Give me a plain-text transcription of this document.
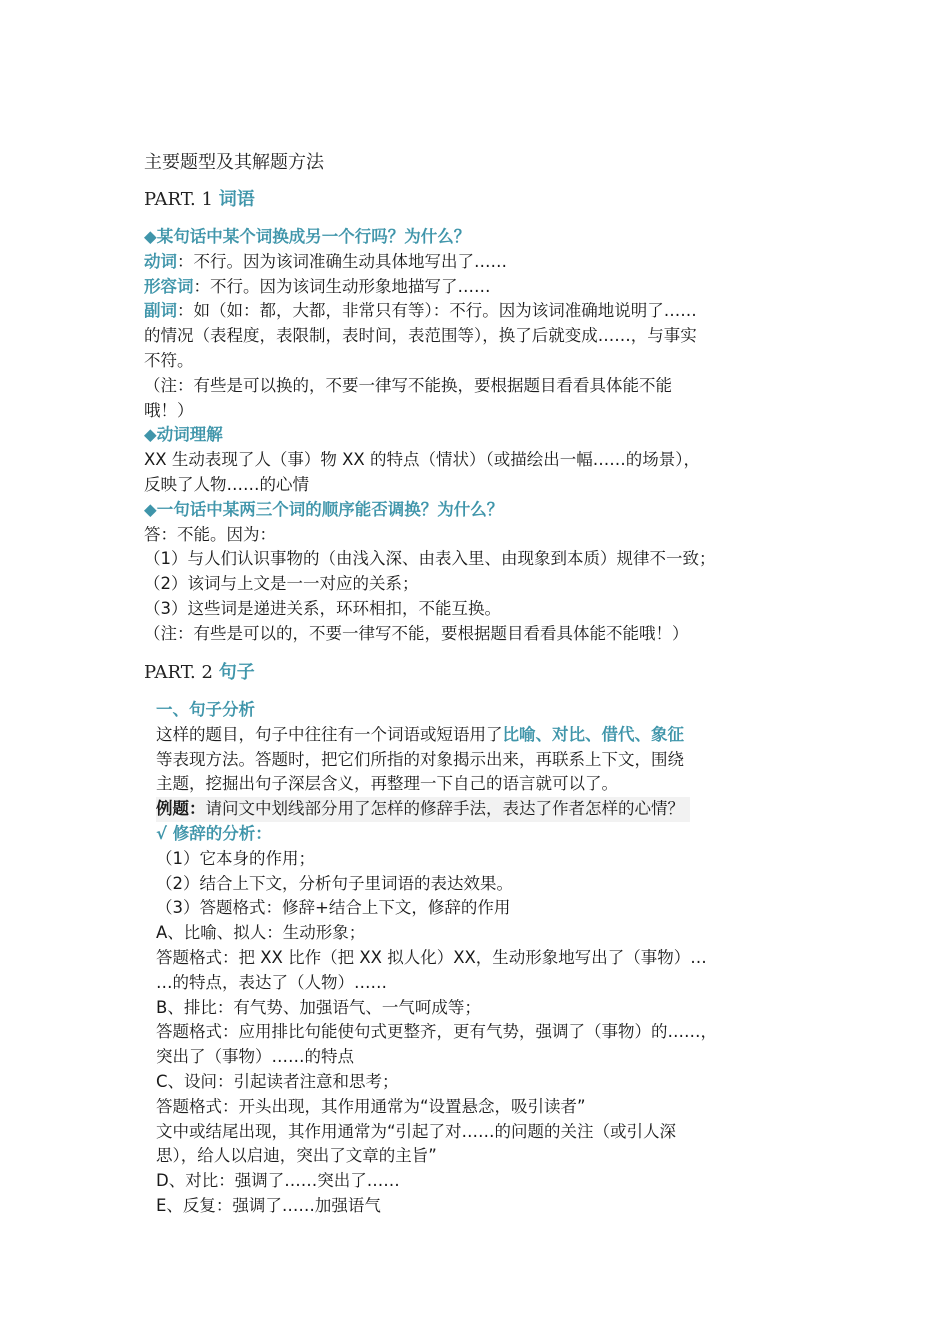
主要题型及其解题方法
PART. 1 词语
◆某句话中某个词换成另一个行吗？为什么？
动词：不行。因为该词准确生动具体地写出了……
形容词：不行。因为该词生动形象地描写了……
副词：如（如：都，大都，非常只有等）：不行。因为该词准确地说明了……
的情况（表程度，表限制，表时间，表范围等），换了后就变成……，与事实
不符。
（注：有些是可以换的，不要一律写不能换，要根据题目看看具体能不能
哦！）
◆动词理解
XX 生动表现了人（事）物 XX 的特点（情状）（或描绘出一幅……的场景），
反映了人物……的心情
◆一句话中某两三个词的顺序能否调换？为什么？
答：不能。因为：
（1）与人们认识事物的（由浅入深、由表入里、由现象到本质）规律不一致；
（2）该词与上文是一一对应的关系；
（3）这些词是递进关系，环环相扣，不能互换。
（注：有些是可以的，不要一律写不能，要根据题目看看具体能不能哦！）
PART. 2 句子
一、句子分析
这样的题目，句子中往往有一个词语或短语用了比喻、对比、借代、象征
等表现方法。答题时，把它们所指的对象揭示出来，再联系上下文，围绕
主题，挖掘出句子深层含义，再整理一下自己的语言就可以了。
例题：请问文中划线部分用了怎样的修辞手法，表达了作者怎样的心情？
√ 修辞的分析：
（1）它本身的作用；
（2）结合上下文，分析句子里词语的表达效果。
（3）答题格式：修辞+结合上下文，修辞的作用
A、比喻、拟人：生动形象；
答题格式：把 XX 比作（把 XX 拟人化）XX，生动形象地写出了（事物）…
…的特点，表达了（人物）……
B、排比：有气势、加强语气、一气呵成等；
答题格式：应用排比句能使句式更整齐，更有气势，强调了（事物）的……，
突出了（事物）……的特点
C、设问：引起读者注意和思考；
答题格式：开头出现，其作用通常为“设置悬念，吸引读者”
文中或结尾出现，其作用通常为“引起了对……的问题的关注（或引人深
思），给人以启迪，突出了文章的主旨”
D、对比：强调了……突出了……
E、反复：强调了……加强语气
